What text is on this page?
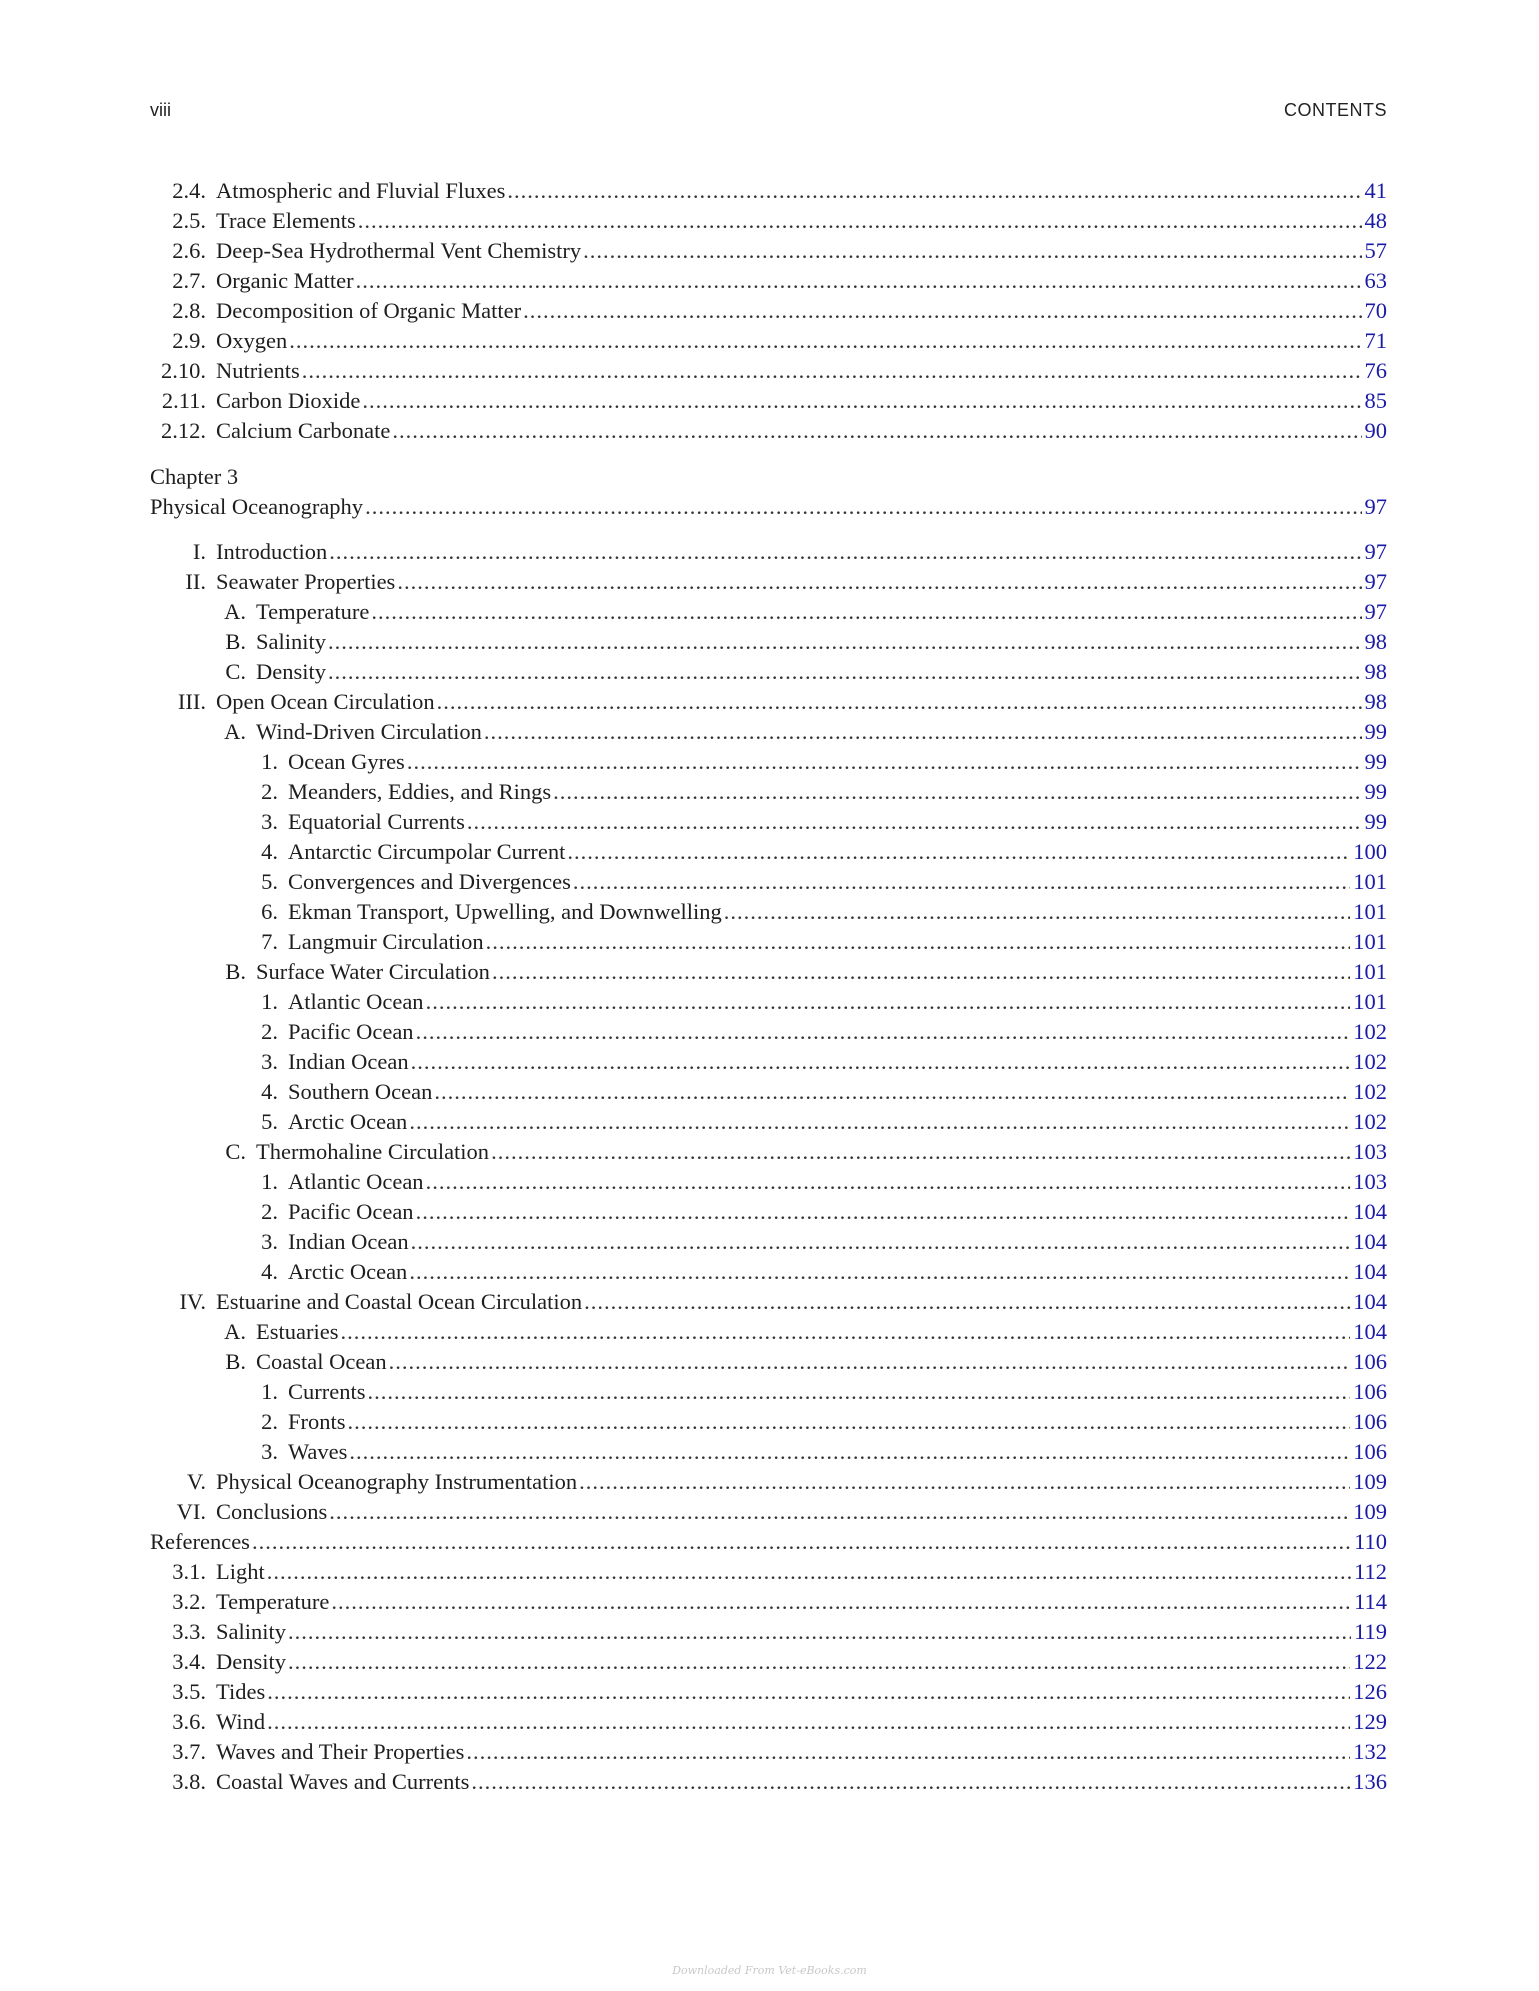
viii	CONTENTS
2.4. Atmospheric and Fluvial Fluxes .....	41
2.5. Trace Elements .....	48
2.6. Deep-Sea Hydrothermal Vent Chemistry .....	57
2.7. Organic Matter .....	63
2.8. Decomposition of Organic Matter .....	70
2.9. Oxygen .....	71
2.10. Nutrients .....	76
2.11. Carbon Dioxide .....	85
2.12. Calcium Carbonate .....	90
Chapter 3
Physical Oceanography .....	97
I. Introduction .....	97
II. Seawater Properties .....	97
A. Temperature .....	97
B. Salinity .....	98
C. Density .....	98
III. Open Ocean Circulation .....	98
A. Wind-Driven Circulation .....	99
1. Ocean Gyres .....	99
2. Meanders, Eddies, and Rings .....	99
3. Equatorial Currents .....	99
4. Antarctic Circumpolar Current .....	100
5. Convergences and Divergences .....	101
6. Ekman Transport, Upwelling, and Downwelling .....	101
7. Langmuir Circulation .....	101
B. Surface Water Circulation .....	101
1. Atlantic Ocean .....	101
2. Pacific Ocean .....	102
3. Indian Ocean .....	102
4. Southern Ocean .....	102
5. Arctic Ocean .....	102
C. Thermohaline Circulation .....	103
1. Atlantic Ocean .....	103
2. Pacific Ocean .....	104
3. Indian Ocean .....	104
4. Arctic Ocean .....	104
IV. Estuarine and Coastal Ocean Circulation .....	104
A. Estuaries .....	104
B. Coastal Ocean .....	106
1. Currents .....	106
2. Fronts .....	106
3. Waves .....	106
V. Physical Oceanography Instrumentation .....	109
VI. Conclusions .....	109
References .....	110
3.1. Light .....	112
3.2. Temperature .....	114
3.3. Salinity .....	119
3.4. Density .....	122
3.5. Tides .....	126
3.6. Wind .....	129
3.7. Waves and Their Properties .....	132
3.8. Coastal Waves and Currents .....	136
Downloaded From Vet-eBooks.com
